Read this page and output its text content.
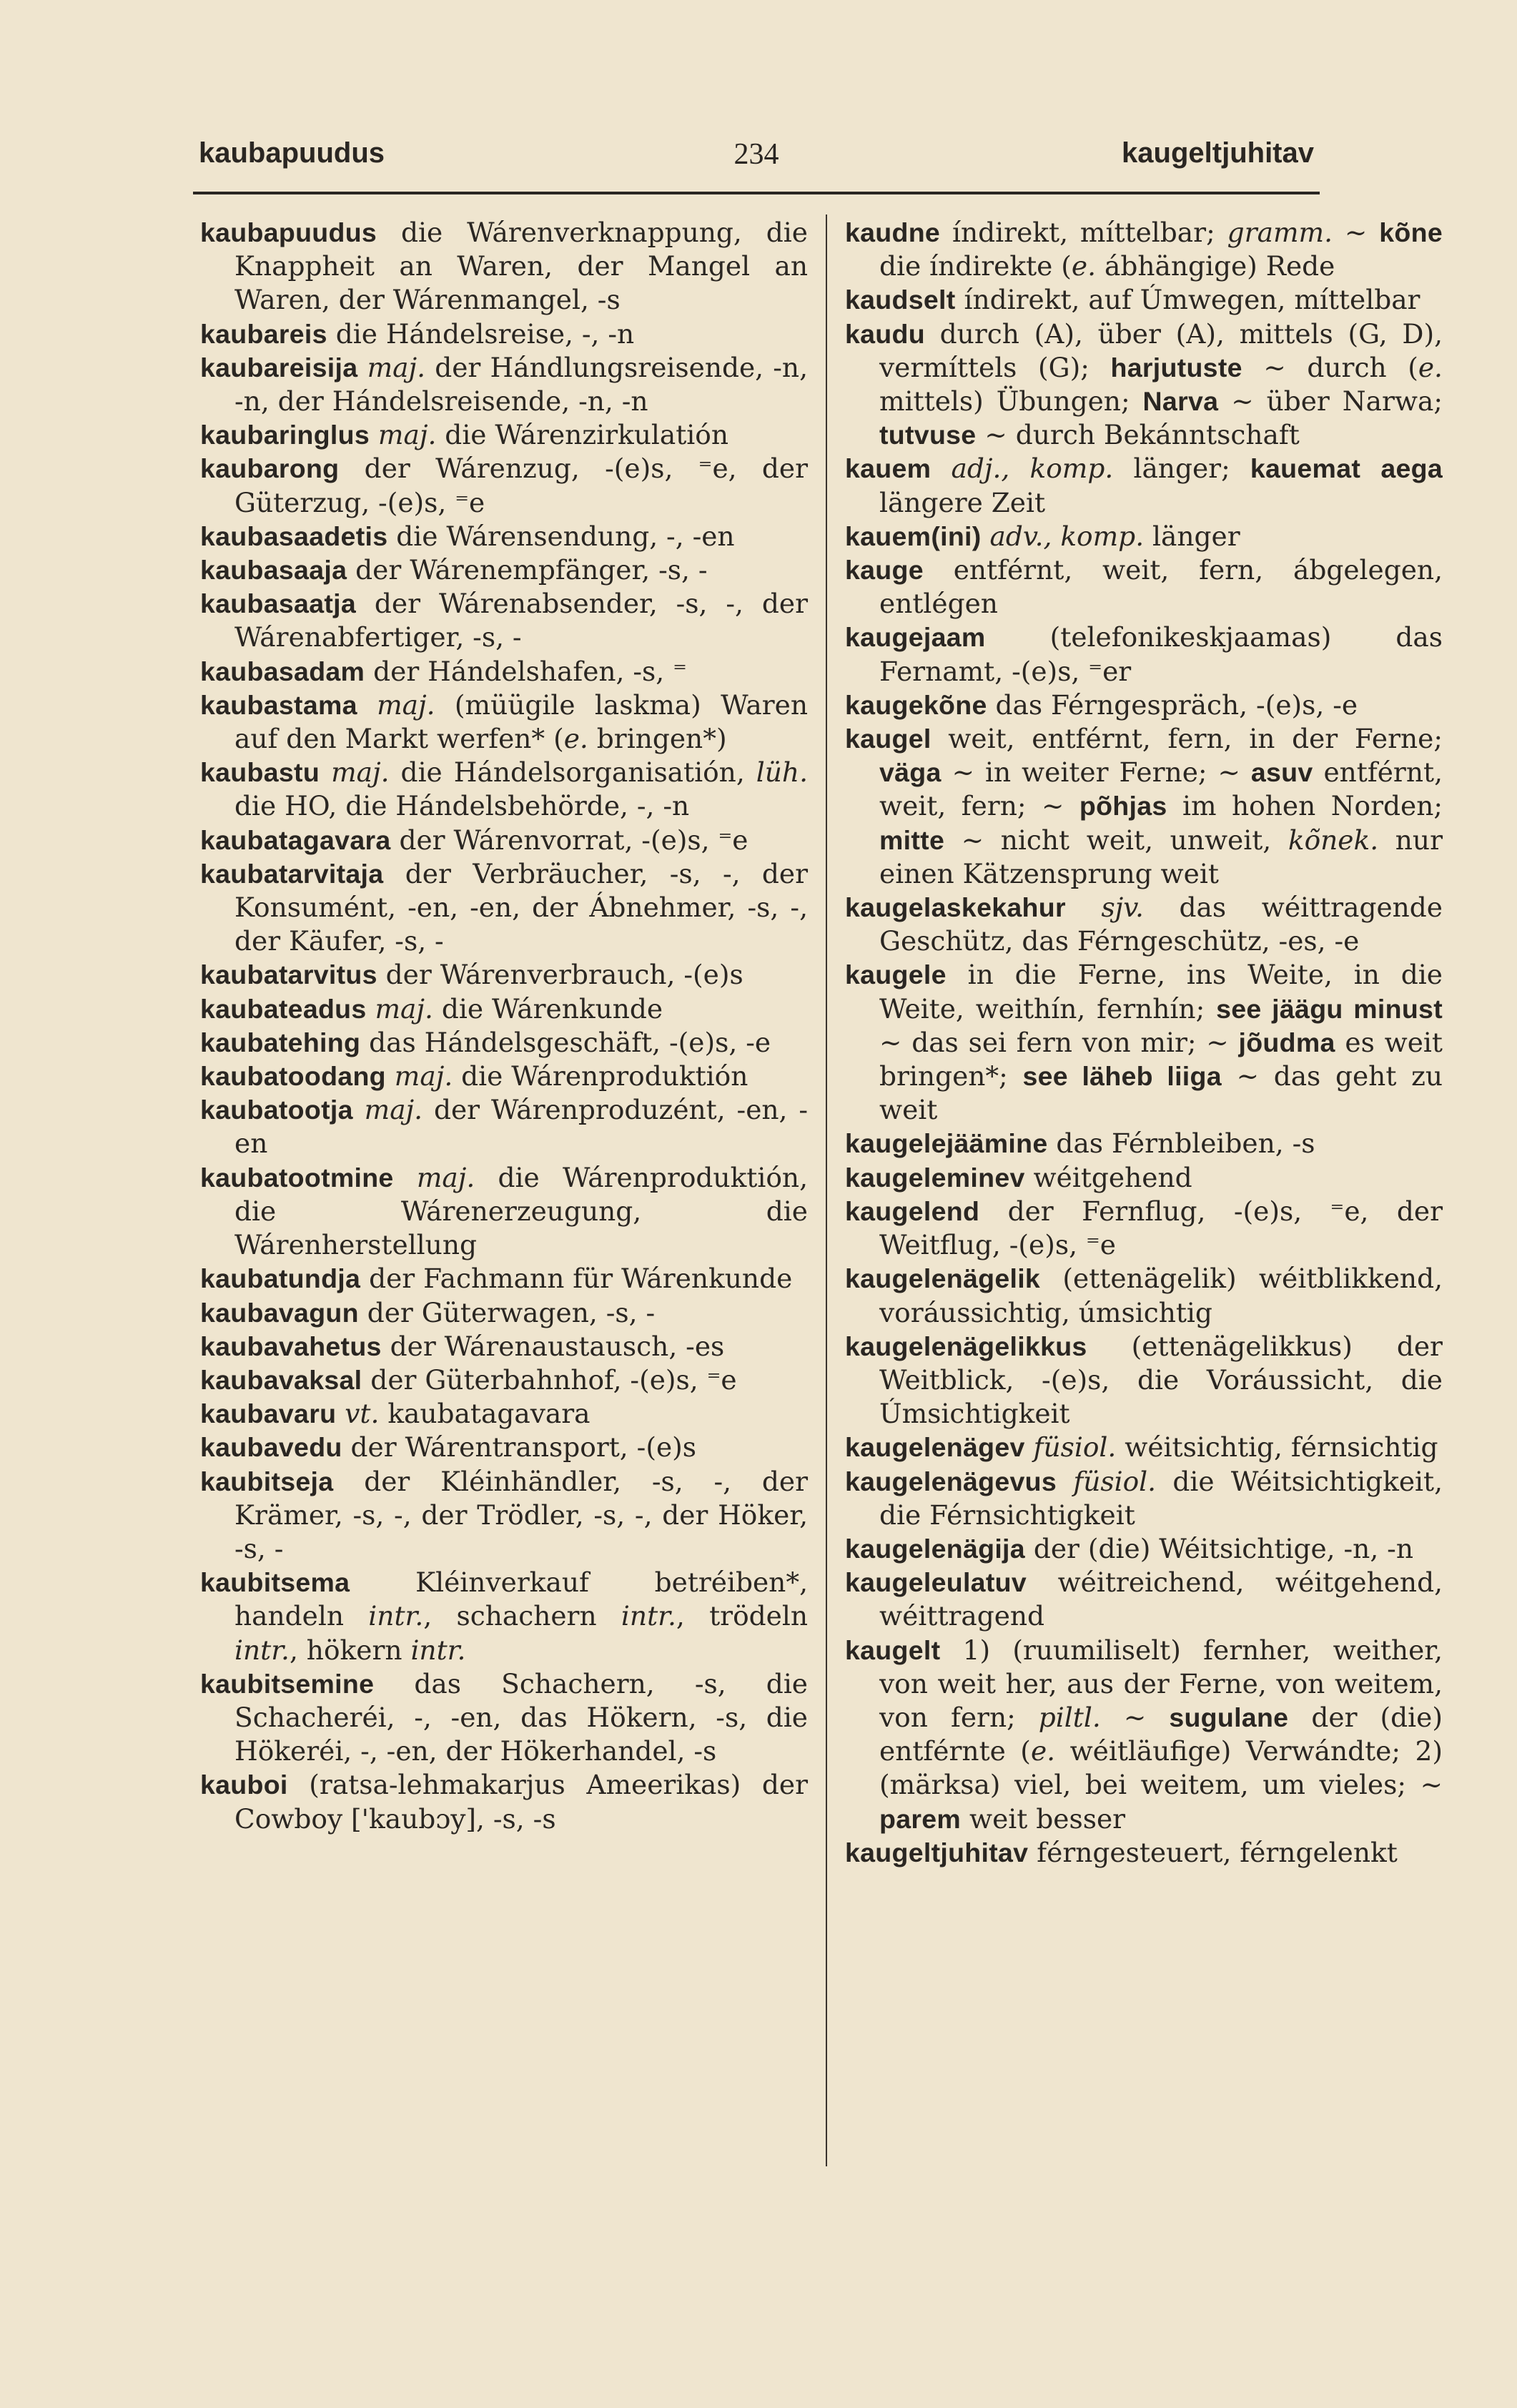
kaubapuudus	234	kaugeltjuhitav

kaubapuudus die Wárenverknappung, die Knappheit an Waren, der Mangel an Waren, der Wárenmangel, -s

kaubareis die Hándelsreise, -, -n

kaubareisija maj. der Hándlungsreisende, -n, -n, der Hándelsreisende, -n, -n

kaubaringlus maj. die Wárenzirkulatión

kaubarong der Wárenzug, -(e)s, ⁼e, der Güterzug, -(e)s, ⁼e

kaubasaadetis die Wárensendung, -, -en

kaubasaaja der Wárenempfänger, -s, -

kaubasaatja der Wárenabsender, -s, -, der Wárenabfertiger, -s, -

kaubasadam der Hándelshafen, -s, ⁼

kaubastama maj. (müügile laskma) Waren auf den Markt werfen* (e. bringen*)

kaubastu maj. die Hándelsorganisatión, lüh. die HO, die Hándelsbehörde, -, -n

kaubatagavara der Wárenvorrat, -(e)s, ⁼e

kaubatarvitaja der Verbräucher, -s, -, der Konsumént, -en, -en, der Ábnehmer, -s, -, der Käufer, -s, -

kaubatarvitus der Wárenverbrauch, -(e)s

kaubateadus maj. die Wárenkunde

kaubatehing das Hándelsgeschäft, -(e)s, -e

kaubatoodang maj. die Wárenproduktión

kaubatootja maj. der Wárenproduzént, -en, -en

kaubatootmine maj. die Wárenproduktión, die Wárenerzeugung, die Wárenherstellung

kaubatundja der Fachmann für Wárenkunde

kaubavagun der Güterwagen, -s, -

kaubavahetus der Wárenaustausch, -es

kaubavaksal der Güterbahnhof, -(e)s, ⁼e

kaubavaru vt. kaubatagavara

kaubavedu der Wárentransport, -(e)s

kaubitseja der Kléinhändler, -s, -, der Krämer, -s, -, der Trödler, -s, -, der Höker, -s, -

kaubitsema Kléinverkauf betréiben*, handeln intr., schachern intr., trödeln intr., hökern intr.

kaubitsemine das Schachern, -s, die Schacheréi, -, -en, das Hökern, -s, die Hökeréi, -, -en, der Hökerhandel, -s

kauboi (ratsa-lehmakarjus Ameerikas) der Cowboy ['kaubɔy], -s, -s

kaudne índirekt, míttelbar; gramm. ~ kõne die índirekte (e. ábhängige) Rede

kaudselt índirekt, auf Úmwegen, míttelbar

kaudu durch (A), über (A), mittels (G, D), vermíttels (G); harjutuste ~ durch (e. mittels) Übungen; Narva ~ über Narwa; tutvuse ~ durch Bekánntschaft

kauem adj., komp. länger; kauemat aega längere Zeit

kauem(ini) adv., komp. länger

kauge entférnt, weit, fern, ábgelegen, entlégen

kaugejaam (telefonikeskjaamas) das Fernamt, -(e)s, ⁼er

kaugekõne das Férngespräch, -(e)s, -e

kaugel weit, entférnt, fern, in der Ferne; väga ~ in weiter Ferne; ~ asuv entférnt, weit, fern; ~ põhjas im hohen Norden; mitte ~ nicht weit, unweit, kõnek. nur einen Kätzensprung weit

kaugelaskekahur sjv. das wéittragende Geschütz, das Férngeschütz, -es, -e

kaugele in die Ferne, ins Weite, in die Weite, weithín, fernhín; see jäägu minust ~ das sei fern von mir; ~ jõudma es weit bringen*; see läheb liiga ~ das geht zu weit

kaugelejäämine das Férnbleiben, -s

kaugeleminev wéitgehend

kaugelend der Fernflug, -(e)s, ⁼e, der Weitflug, -(e)s, ⁼e

kaugelenägelik (ettenägelik) wéitblikkend, voráussichtig, úmsichtig

kaugelenägelikkus (ettenägelikkus) der Weitblick, -(e)s, die Voráussicht, die Úmsichtigkeit

kaugelenägev füsiol. wéitsichtig, férnsichtig

kaugelenägevus füsiol. die Wéitsichtigkeit, die Férnsichtigkeit

kaugelenägija der (die) Wéitsichtige, -n, -n

kaugeleulatuv wéitreichend, wéitgehend, wéittragend

kaugelt 1) (ruumiliselt) fernher, weither, von weit her, aus der Ferne, von weitem, von fern; piltl. ~ sugulane der (die) entférnte (e. wéitläufige) Verwándte; 2) (märksa) viel, bei weitem, um vieles; ~ parem weit besser

kaugeltjuhitav férngesteuert, férngelenkt
